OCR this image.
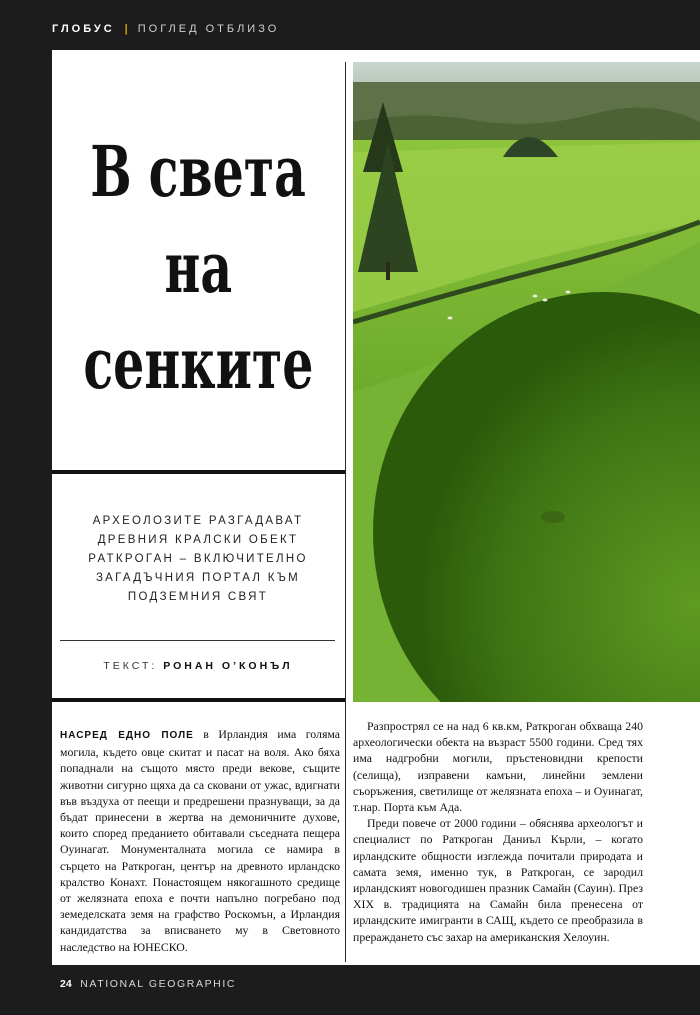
ГЛОБУС | ПОГЛЕД ОТБЛИЗО
В света
на
сенките
АРХЕОЛОЗИТЕ РАЗГАДАВАТ
ДРЕВНИЯ КРАЛСКИ ОБЕКТ
РАТКРОГАН – ВКЛЮЧИТЕЛНО
ЗАГАДЪЧНИЯ ПОРТАЛ КЪМ
ПОДЗЕМНИЯ СВЯТ
ТЕКСТ: РОНАН О’КОНЪЛ

НАСРЕД ЕДНО ПОЛЕ в Ирландия има голяма могила, където овце скитат и пасат на воля. Ако бяха попаднали на същото място преди векове, същите животни сигурно щяха да са сковани от ужас, вдигнати във въздуха от пеещи и предрешени празнуващи, за да бъдат принесени в жертва на демоничните духове, които според преданието обитавали съседната пещера Оуинагат. Монументалната могила се намира в сърцето на Раткроган, център на древното ирландско кралство Конахт. Понастоящем някогашното средище от желязната епоха е почти напълно погребано под земеделската земя на графство Роскомън, а Ирландия кандидатства за вписването му в Световното наследство на ЮНЕСКО.

Разпрострял се на над 6 кв.км, Раткроган обхваща 240 археологически обекта на възраст 5500 години. Сред тях има надгробни могили, пръстеновидни крепости (селища), изправени камъни, линейни землени съоръжения, светилище от желязната епоха – и Оуинагат, т.нар. Порта към Ада.

Преди повече от 2000 години – обяснява археологът и специалист по Раткроган Даниъл Кърли, – когато ирландските общности изглежда почитали природата и самата земя, именно тук, в Раткроган, се зародил ирландският новогодишен празник Самайн (Сауин). През XIX в. традицията на Самайн била пренесена от ирландските имигранти в САЩ, където се преобразила в прераждането със захар на американския Хелоуин.

24 NATIONAL GEOGRAPHIC
